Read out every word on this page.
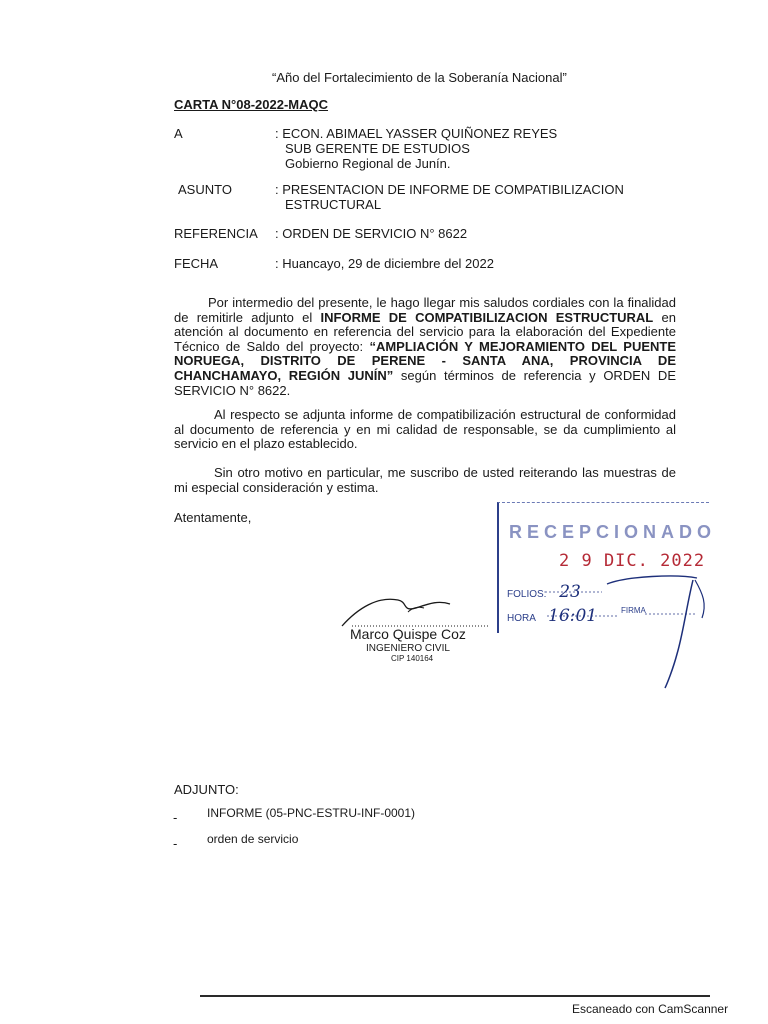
“Año del Fortalecimiento de la Soberanía Nacional”
CARTA N°08-2022-MAQC
A	: ECON. ABIMAEL YASSER QUIÑONEZ REYES
SUB GERENTE DE ESTUDIOS
Gobierno Regional de Junín.
ASUNTO	: PRESENTACION DE INFORME DE COMPATIBILIZACION
ESTRUCTURAL
REFERENCIA : ORDEN DE SERVICIO N° 8622
FECHA	: Huancayo, 29 de diciembre del 2022
Por intermedio del presente, le hago llegar mis saludos cordiales con la finalidad de remitirle adjunto el INFORME DE COMPATIBILIZACION ESTRUCTURAL en atención al documento en referencia del servicio para la elaboración del Expediente Técnico de Saldo del proyecto: “AMPLIACIÓN Y MEJORAMIENTO DEL PUENTE NORUEGA, DISTRITO DE PERENE - SANTA ANA, PROVINCIA DE CHANCHAMAYO, REGIÓN JUNÍN” según términos de referencia y ORDEN DE SERVICIO N° 8622.
Al respecto se adjunta informe de compatibilización estructural de conformidad al documento de referencia y en mi calidad de responsable, se da cumplimiento al servicio en el plazo establecido.
Sin otro motivo en particular, me suscribo de usted reiterando las muestras de mi especial consideración y estima.
Atentamente,
RECEPCIONADO
2 9 DIC. 2022
FOLIOS: 23
HORA 16:01	FIRMA
Marco Quispe Coz
INGENIERO CIVIL
CIP 140164
ADJUNTO:
- INFORME (05-PNC-ESTRU-INF-0001)
- orden de servicio
Escaneado con CamScanner
